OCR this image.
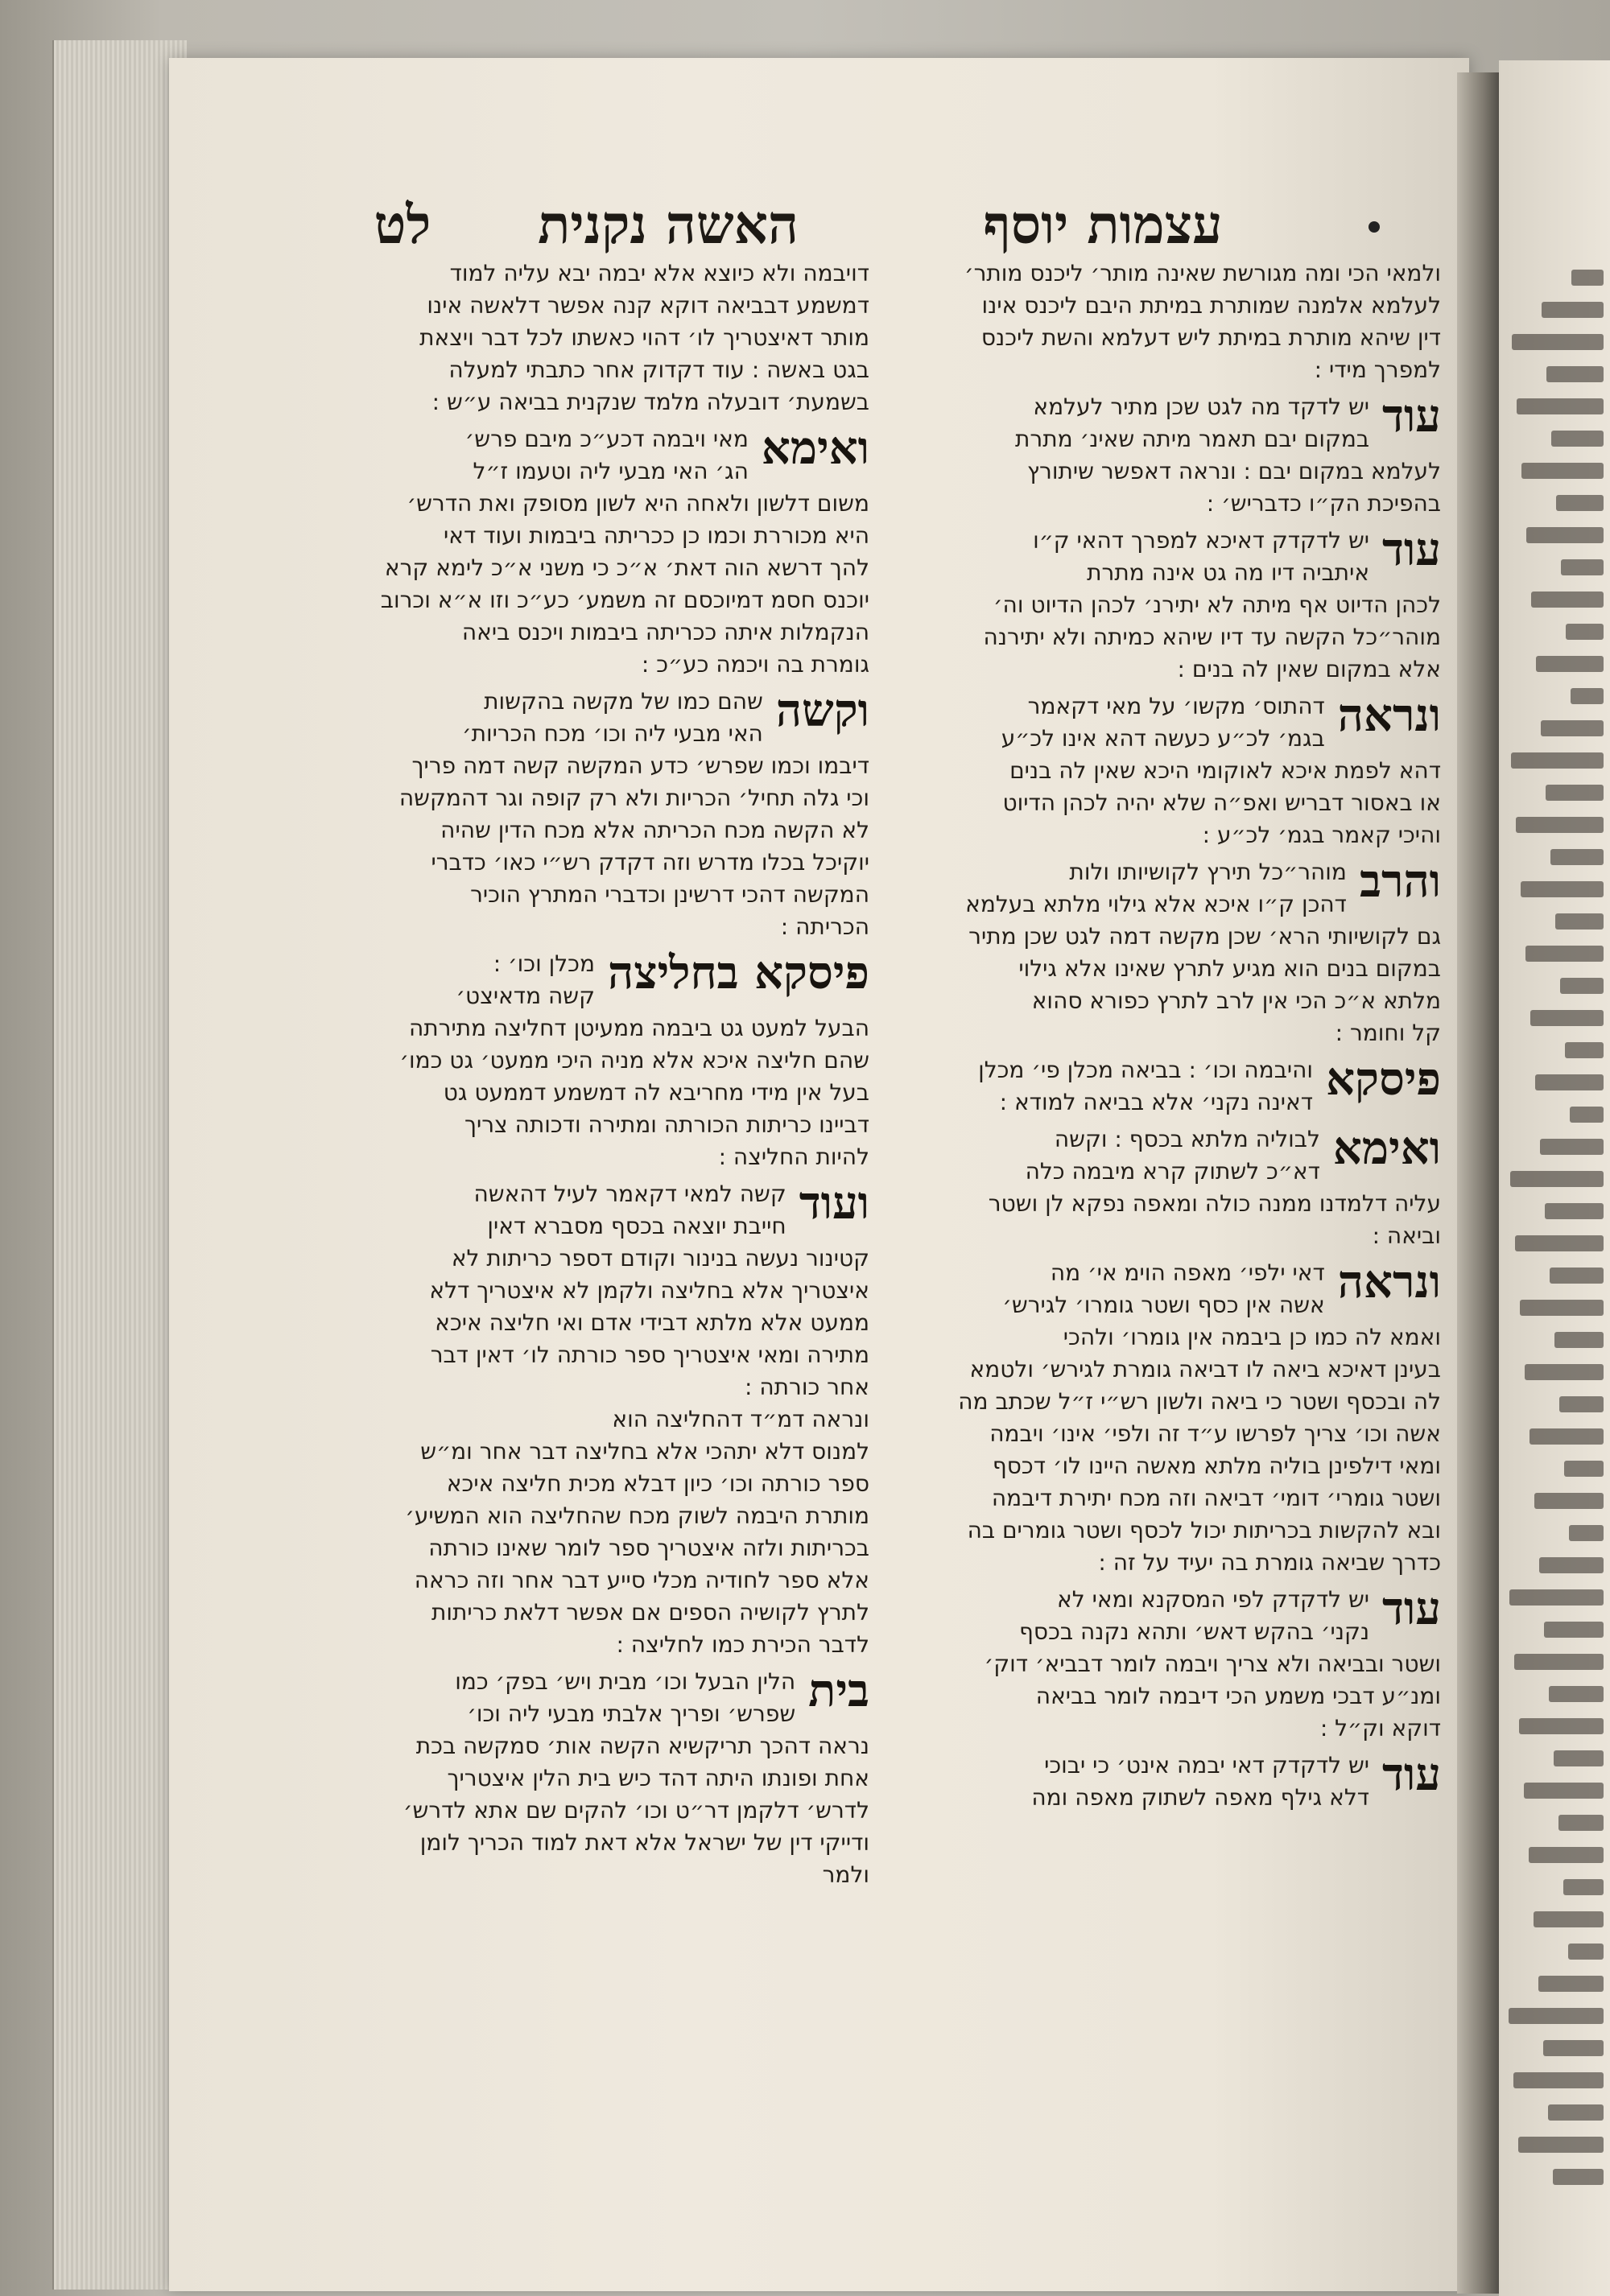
לט	האשה נקנית	עצמות יוסף
ולמאי הכי ומה מגורשת שאינה מותר׳ ליכנס מותר׳
לעלמא אלמנה שמותרת במיתת היבם ליכנס אינו
דין שיהא מותרת במיתת ליש דעלמא והשת ליכנס
למפרך מידי :
עוד
יש לדקד מה לגט שכן מתיר לעלמא
במקום יבם תאמר מיתה שאינ׳ מתרת
לעלמא במקום יבם : ונראה דאפשר שיתורץ
בהפיכת הק״ו כדבריש׳ :
עוד
יש לדקדק דאיכא למפרך דהאי ק״ו
איתביה דיו מה גט אינה מתרת
לכהן הדיוט אף מיתה לא יתירנ׳ לכהן הדיוט וה׳
מוהר״כל הקשה עד דיו שיהא כמיתה ולא יתירנה
אלא במקום שאין לה בנים :
ונראה
דהתוס׳ מקשו׳ על מאי דקאמר
בגמ׳ לכ״ע כעשה דהא אינו לכ״ע
דהא לפמת איכא לאוקומי היכא שאין לה בנים
או באסור דבריש ואפ״ה שלא יהיה לכהן הדיוט
והיכי קאמר בגמ׳ לכ״ע :
והרב
מוהר״כל תירץ לקושיותו ולות
דהכן ק״ו איכא אלא גילוי מלתא בעלמא
גם לקושיותי הרא׳ שכן מקשה דמה לגט שכן מתיר
במקום בנים הוא מגיע לתרץ שאינו אלא גילוי
מלתא א״כ הכי אין לרב לתרץ כפורא סהוא
קל וחומר :
פיסקא
והיבמה וכו׳ : בביאה מכלן פי׳ מכלן
דאינה נקני׳ אלא בביאה למודא :
ואימא
לבוליה מלתא בכסף : וקשה
דא״כ לשתוק קרא מיבמה כלה
עליה דלמדנו ממנה כולה ומאפה נפקא לן ושטר
וביאה :
ונראה
דאי ילפי׳ מאפה הוימ אי׳ מה
אשה אין כסף ושטר גומרו׳ לגירש׳
ואמא לה כמו כן ביבמה אין גומרו׳ ולהכי
בעינן דאיכא ביאה לו דביאה גומרת לגירש׳ ולטמא
לה ובכסף ושטר כי ביאה ולשון רש״י ז״ל שכתב מה
אשה וכו׳ צריך לפרשו ע״ד זה ולפי׳ אינו׳ ויבמה
ומאי דילפינן בוליה מלתא מאשה היינו לו׳ דכסף
ושטר גומרי׳ דומי׳ דביאה וזה מכח יתירת דיבמה
ובא להקשות בכריתות יכול לכסף ושטר גומרים בה
כדרך שביאה גומרת בה יעיד על זה :
עוד
יש לדקדק לפי המסקנא ומאי לא
נקני׳ בהקש דאש׳ ותהא נקנה בכסף
ושטר ובביאה ולא צריך ויבמה לומר דבביא׳ דוק׳
ומנ״ע דבכי משמע הכי דיבמה לומר בביאה
דוקא וק״ל :
עוד
יש לדקדק דאי יבמה אינט׳ כי יבוכי
דלא גילף מאפה לשתוק מאפה ומה
דויבמה ולא כיוצא אלא יבמה יבא עליה למוד
דמשמע דבביאה דוקא קנה אפשר דלאשה אינו
מותר דאיצטריך לו׳ דהוי כאשתו לכל דבר ויצאת
בגט באשה : עוד דקדוק אחר כתבתי למעלה
בשמעת׳ דובעלה מלמד שנקנית בביאה ע״ש :
ואימא
מאי ויבמה דכע״כ מיבם פרש׳
הג׳ האי מבעי ליה וטעמו ז״ל
משום דלשון ולאחה היא לשון מסופק ואת הדרש׳
היא מכוררת וכמו כן ככריתה ביבמות ועוד דאי
להך דרשא הוה דאת׳ א״כ כי משני א״כ לימא קרא
יוכנס חסמ דמיוכסם זה משמע׳ כע״כ וזו א״א וכרוב
הנקמלות איתה ככריתה ביבמות ויכנס ביאה
גומרת בה ויכמה כע״כ :
וקשה
שהם כמו של מקשה בהקשות
האי מבעי ליה וכו׳ מכח הכריות׳
דיבמו וכמו שפרש׳ כדע המקשה קשה דמה פריך
וכי גלה תחיל׳ הכריות ולא רק קופה וגר דהמקשה
לא הקשה מכח הכריתה אלא מכח הדין שהיה
יוקיכל בכלו מדרש וזה דקדק רש״י כאו׳ כדברי
המקשה דהכי דרשינן וכדברי המתרץ הוכיר
הכריתה :
פיסקא בחליצה
מכלן וכו׳ :
קשה מדאיצט׳
הבעל למעט גט ביבמה ממעיטן דחליצה מתירתה
שהם חליצה איכא אלא מניה היכי ממעט׳ גט כמו׳
בעל אין מידי מחריבא לה דמשמע דממעט גט
דביינו כריתות הכורתה ומתירה ודכותה צריך
להיות החליצה :
ועוד
קשה למאי דקאמר לעיל דהאשה
חייבת יוצאה בכסף מסברא דאין
קטינור נעשה בנינור וקודם דספר כריתות לא
איצטריך אלא בחליצה ולקמן לא איצטריך דלא
ממעט אלא מלתא דבידי אדם ואי חליצה איכא
מתירה ומאי איצטריך ספר כורתה לו׳ דאין דבר
אחר כורתה :
ונראה דמ״ד דהחליצה הוא
למנוס דלא יתהכי אלא בחליצה דבר אחר ומ״ש
ספר כורתה וכו׳ כיון דבלא מכית חליצה איכא
מותרת היבמה לשוק מכח שהחליצה הוא המשיע׳
בכריתות ולזה איצטריך ספר לומר שאינו כורתה
אלא ספר לחודיה מכלי סייע דבר אחר וזה כראה
לתרץ לקושיה הספים אם אפשר דלאת כריתות
לדבר הכירת כמו לחליצה :
בית
הלין הבעל וכו׳ מבית ויש׳ בפק׳ כמו
שפרש׳ ופריך אלבתי מבעי ליה וכו׳
נראה דהכך תריקשיא הקשה אות׳ סמקשה בכת
אחת ופונתו היתה דהד כיש בית הלין איצטריך
לדרש׳ דלקמן דר״ט וכו׳ להקים שם אתא לדרש׳
ודייקי דין של ישראל אלא דאת למוד הכריך לומן
ולמר
